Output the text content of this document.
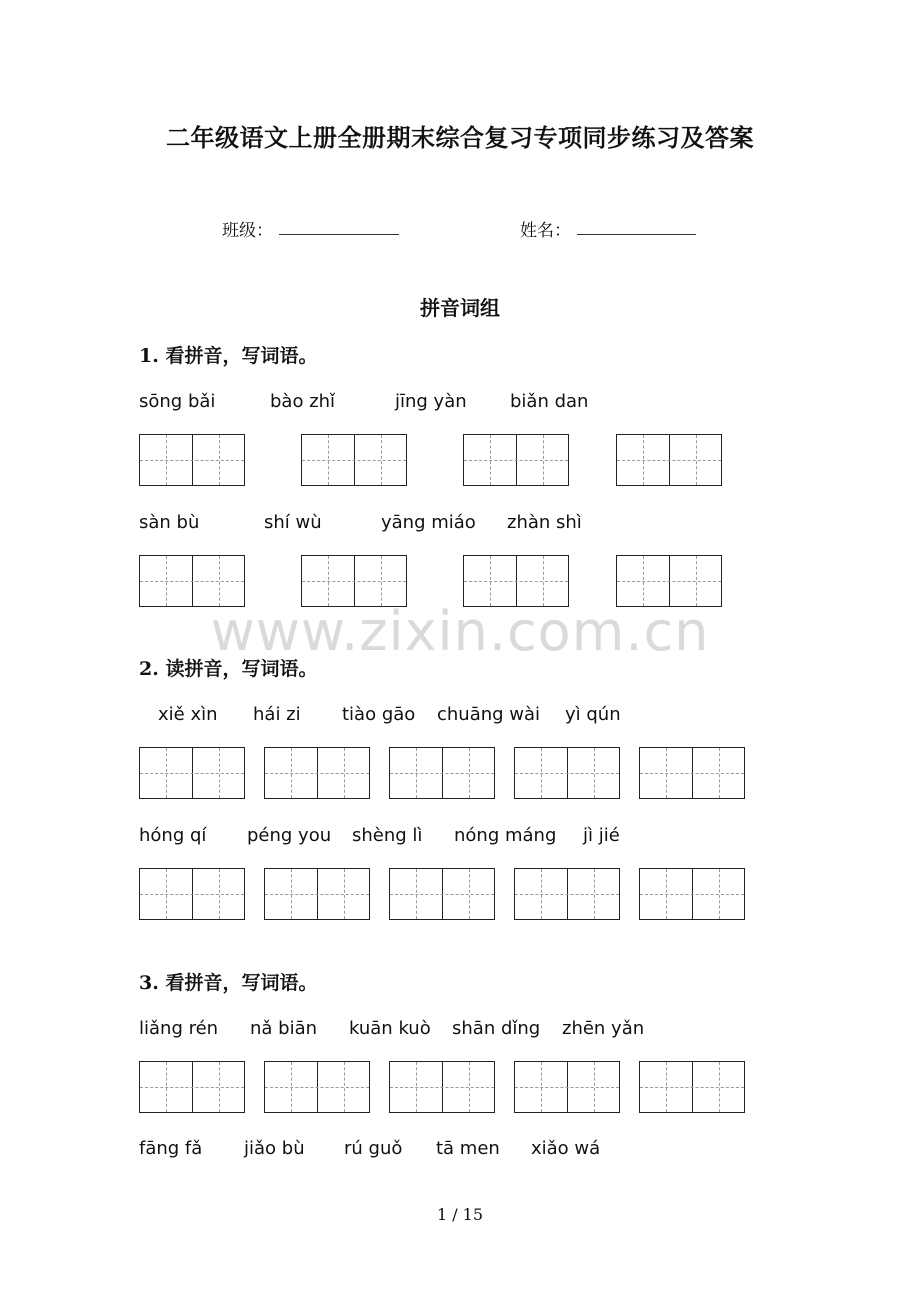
二年级语文上册全册期末综合复习专项同步练习及答案
班级：	姓名：
拼音词组
1. 看拼音，写词语。
sōng bǎi	bào zhǐ	jīng yàn biǎn dan
sàn bù	shí wù	yāng miáo zhàn shì
www.zixin.com.cn
2. 读拼音，写词语。
xiě xìn hái zi tiào gāo chuāng wài yì qún
hóng qí péng you shèng lì nóng máng jì jié
3. 看拼音，写词语。
liǎng rén nǎ biān kuān kuò shān dǐng zhēn yǎn
fāng fǎ jiǎo bù rú guǒ tā men xiǎo wá
1 / 15
